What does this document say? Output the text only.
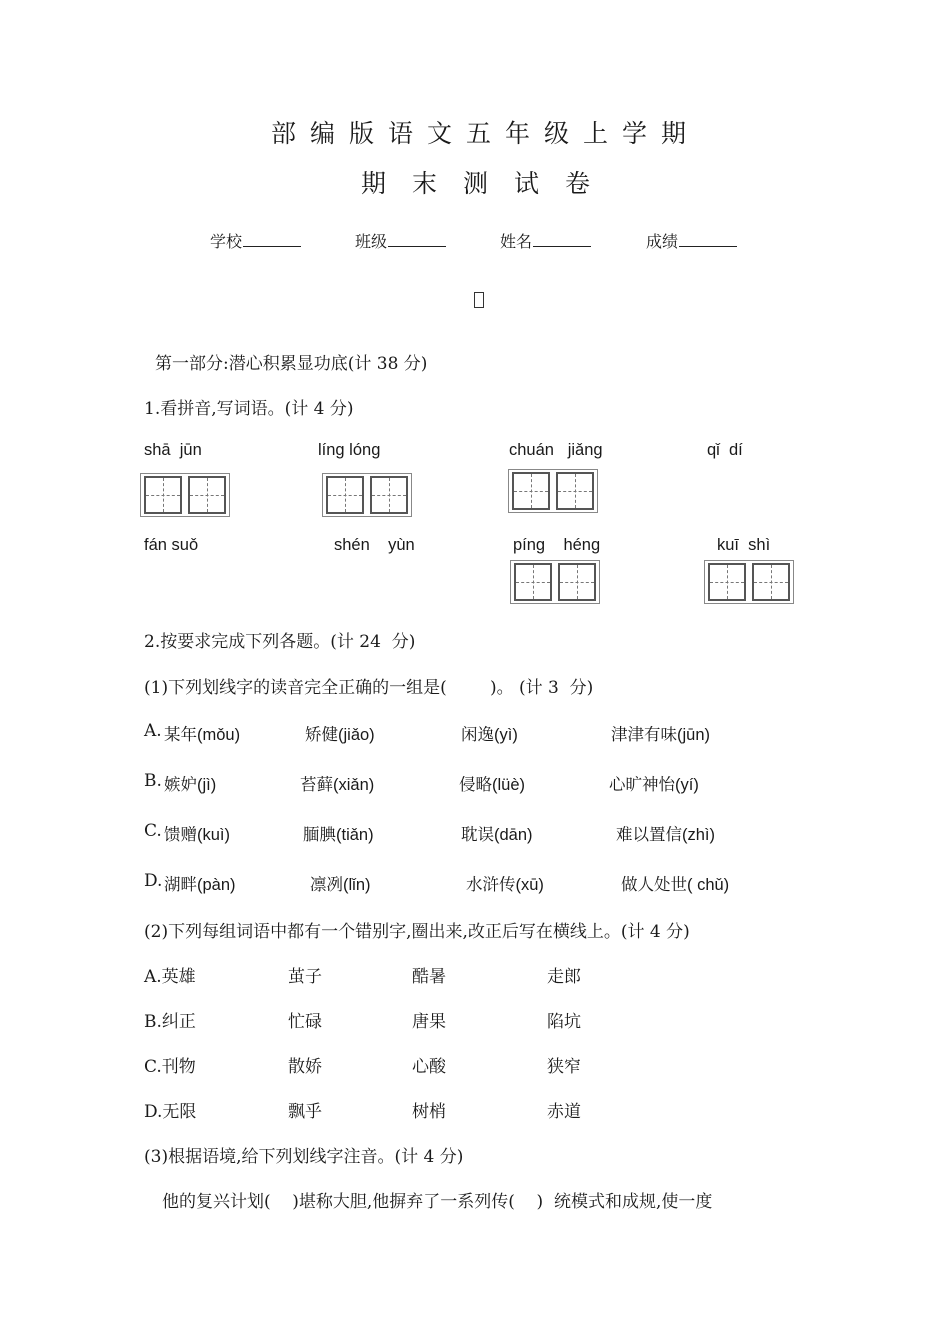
部编版语文五年级上学期
期末测试卷
学校	班级	姓名	成绩
第一部分:潜心积累显功底(计 38 分)
1.看拼音,写词语。(计 4 分)
shā  jūn	líng lóng	chuán   jiǎng	qǐ  dí
fán suǒ	shén    yùn	píng    héng	kuī  shì
2.按要求完成下列各题。(计 24  分)
(1)下列划线字的读音完全正确的一组是(        )。 (计 3  分)
A. 某年(mǒu)	矫健(jiǎo)	闲逸(yì)	津津有味(jūn)
B. 嫉妒(jì)	苔藓(xiǎn)	侵略(lüè)	心旷神怡(yí)
C. 馈赠(kuì)	腼腆(tiǎn)	耽误(dān)	难以置信(zhì)
D. 湖畔(pàn)	凛冽(lǐn)	水浒传(xū)	做人处世( chǔ)
(2)下列每组词语中都有一个错别字,圈出来,改正后写在横线上。(计 4 分)
A.英雄	茧子	酷暑	走郎
B.纠正	忙碌	唐果	陷坑
C.刊物	散娇	心酸	狭窄
D.无限	飘乎	树梢	赤道
(3)根据语境,给下列划线字注音。(计 4 分)
他的复兴计划(    )堪称大胆,他摒弃了一系列传(    )  统模式和成规,使一度
